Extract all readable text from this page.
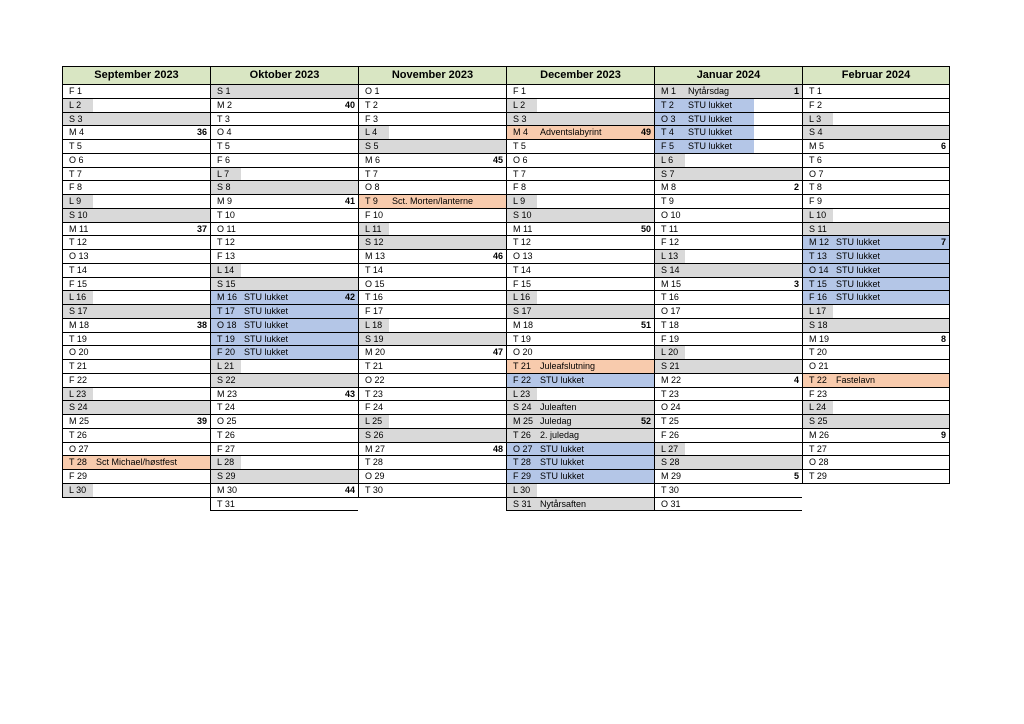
September 2023
F 1
L 2
S 3
M 4	36
T 5
O 6
T 7
F 8
L 9
S 10
M 11	37
T 12
O 13
T 14
F 15
L 16
S 17
M 18	38
T 19
O 20
T 21
F 22
L 23
S 24
M 25	39
T 26
O 27
T 28 Sct Michael/høstfest
F 29
L 30
Oktober 2023
S 1
M 2	40
T 3
O 4
T 5
F 6
L 7
S 8
M 9	41
T 10
O 11
T 12
F 13
L 14
S 15
M 16 STU lukket	42
T 17 STU lukket
O 18 STU lukket
T 19 STU lukket
F 20 STU lukket
L 21
S 22
M 23	43
T 24
O 25
T 26
F 27
L 28
S 29
M 30	44
T 31
November 2023
O 1
T 2
F 3
L 4
S 5
M 6	45
T 7
O 8
T 9 Sct. Morten/lanterne
F 10
L 11
S 12
M 13	46
T 14
O 15
T 16
F 17
L 18
S 19
M 20	47
T 21
O 22
T 23
F 24
L 25
S 26
M 27	48
T 28
O 29
T 30
December 2023
F 1
L 2
S 3
M 4 Adventslabyrint	49
T 5
O 6
T 7
F 8
L 9
S 10
M 11	50
T 12
O 13
T 14
F 15
L 16
S 17
M 18	51
T 19
O 20
T 21 Juleafslutning
F 22 STU lukket
L 23
S 24 Juleaften
M 25 Juledag	52
T 26 2. juledag
O 27 STU lukket
T 28 STU lukket
F 29 STU lukket
L 30
S 31 Nytårsaften
Januar 2024
M 1 Nytårsdag	1
T 2 STU lukket
O 3 STU lukket
T 4 STU lukket
F 5 STU lukket
L 6
S 7
M 8	2
T 9
O 10
T 11
F 12
L 13
S 14
M 15	3
T 16
O 17
T 18
F 19
L 20
S 21
M 22	4
T 23
O 24
T 25
F 26
L 27
S 28
M 29	5
T 30
O 31
Februar 2024
T 1
F 2
L 3
S 4
M 5	6
T 6
O 7
T 8
F 9
L 10
S 11
M 12 STU lukket	7
T 13 STU lukket
O 14 STU lukket
T 15 STU lukket
F 16 STU lukket
L 17
S 18
M 19	8
T 20
O 21
T 22 Fastelavn
F 23
L 24
S 25
M 26	9
T 27
O 28
T 29
